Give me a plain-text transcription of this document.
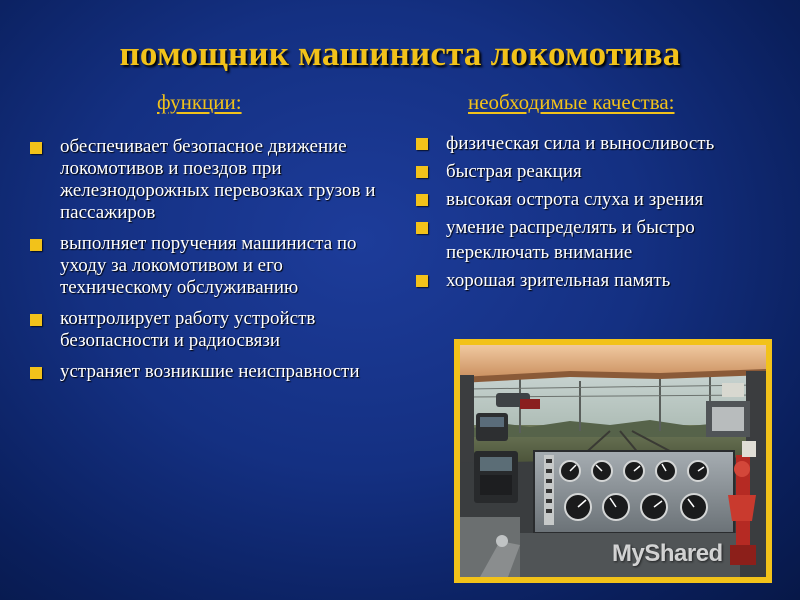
помощник машиниста локомотива
функции:	необходимые качества:
обеспечивает безопасное движение локомотивов и поездов при железнодорожных перевозках грузов и пассажиров
выполняет поручения машиниста по уходу за локомотивом и его техническому обслуживанию
контролирует работу устройств безопасности и радиосвязи
устраняет возникшие неисправности
физическая сила и выносливость
быстрая реакция
высокая острота слуха и зрения
умение распределять и быстро переключать внимание
хорошая зрительная память
MyShared
